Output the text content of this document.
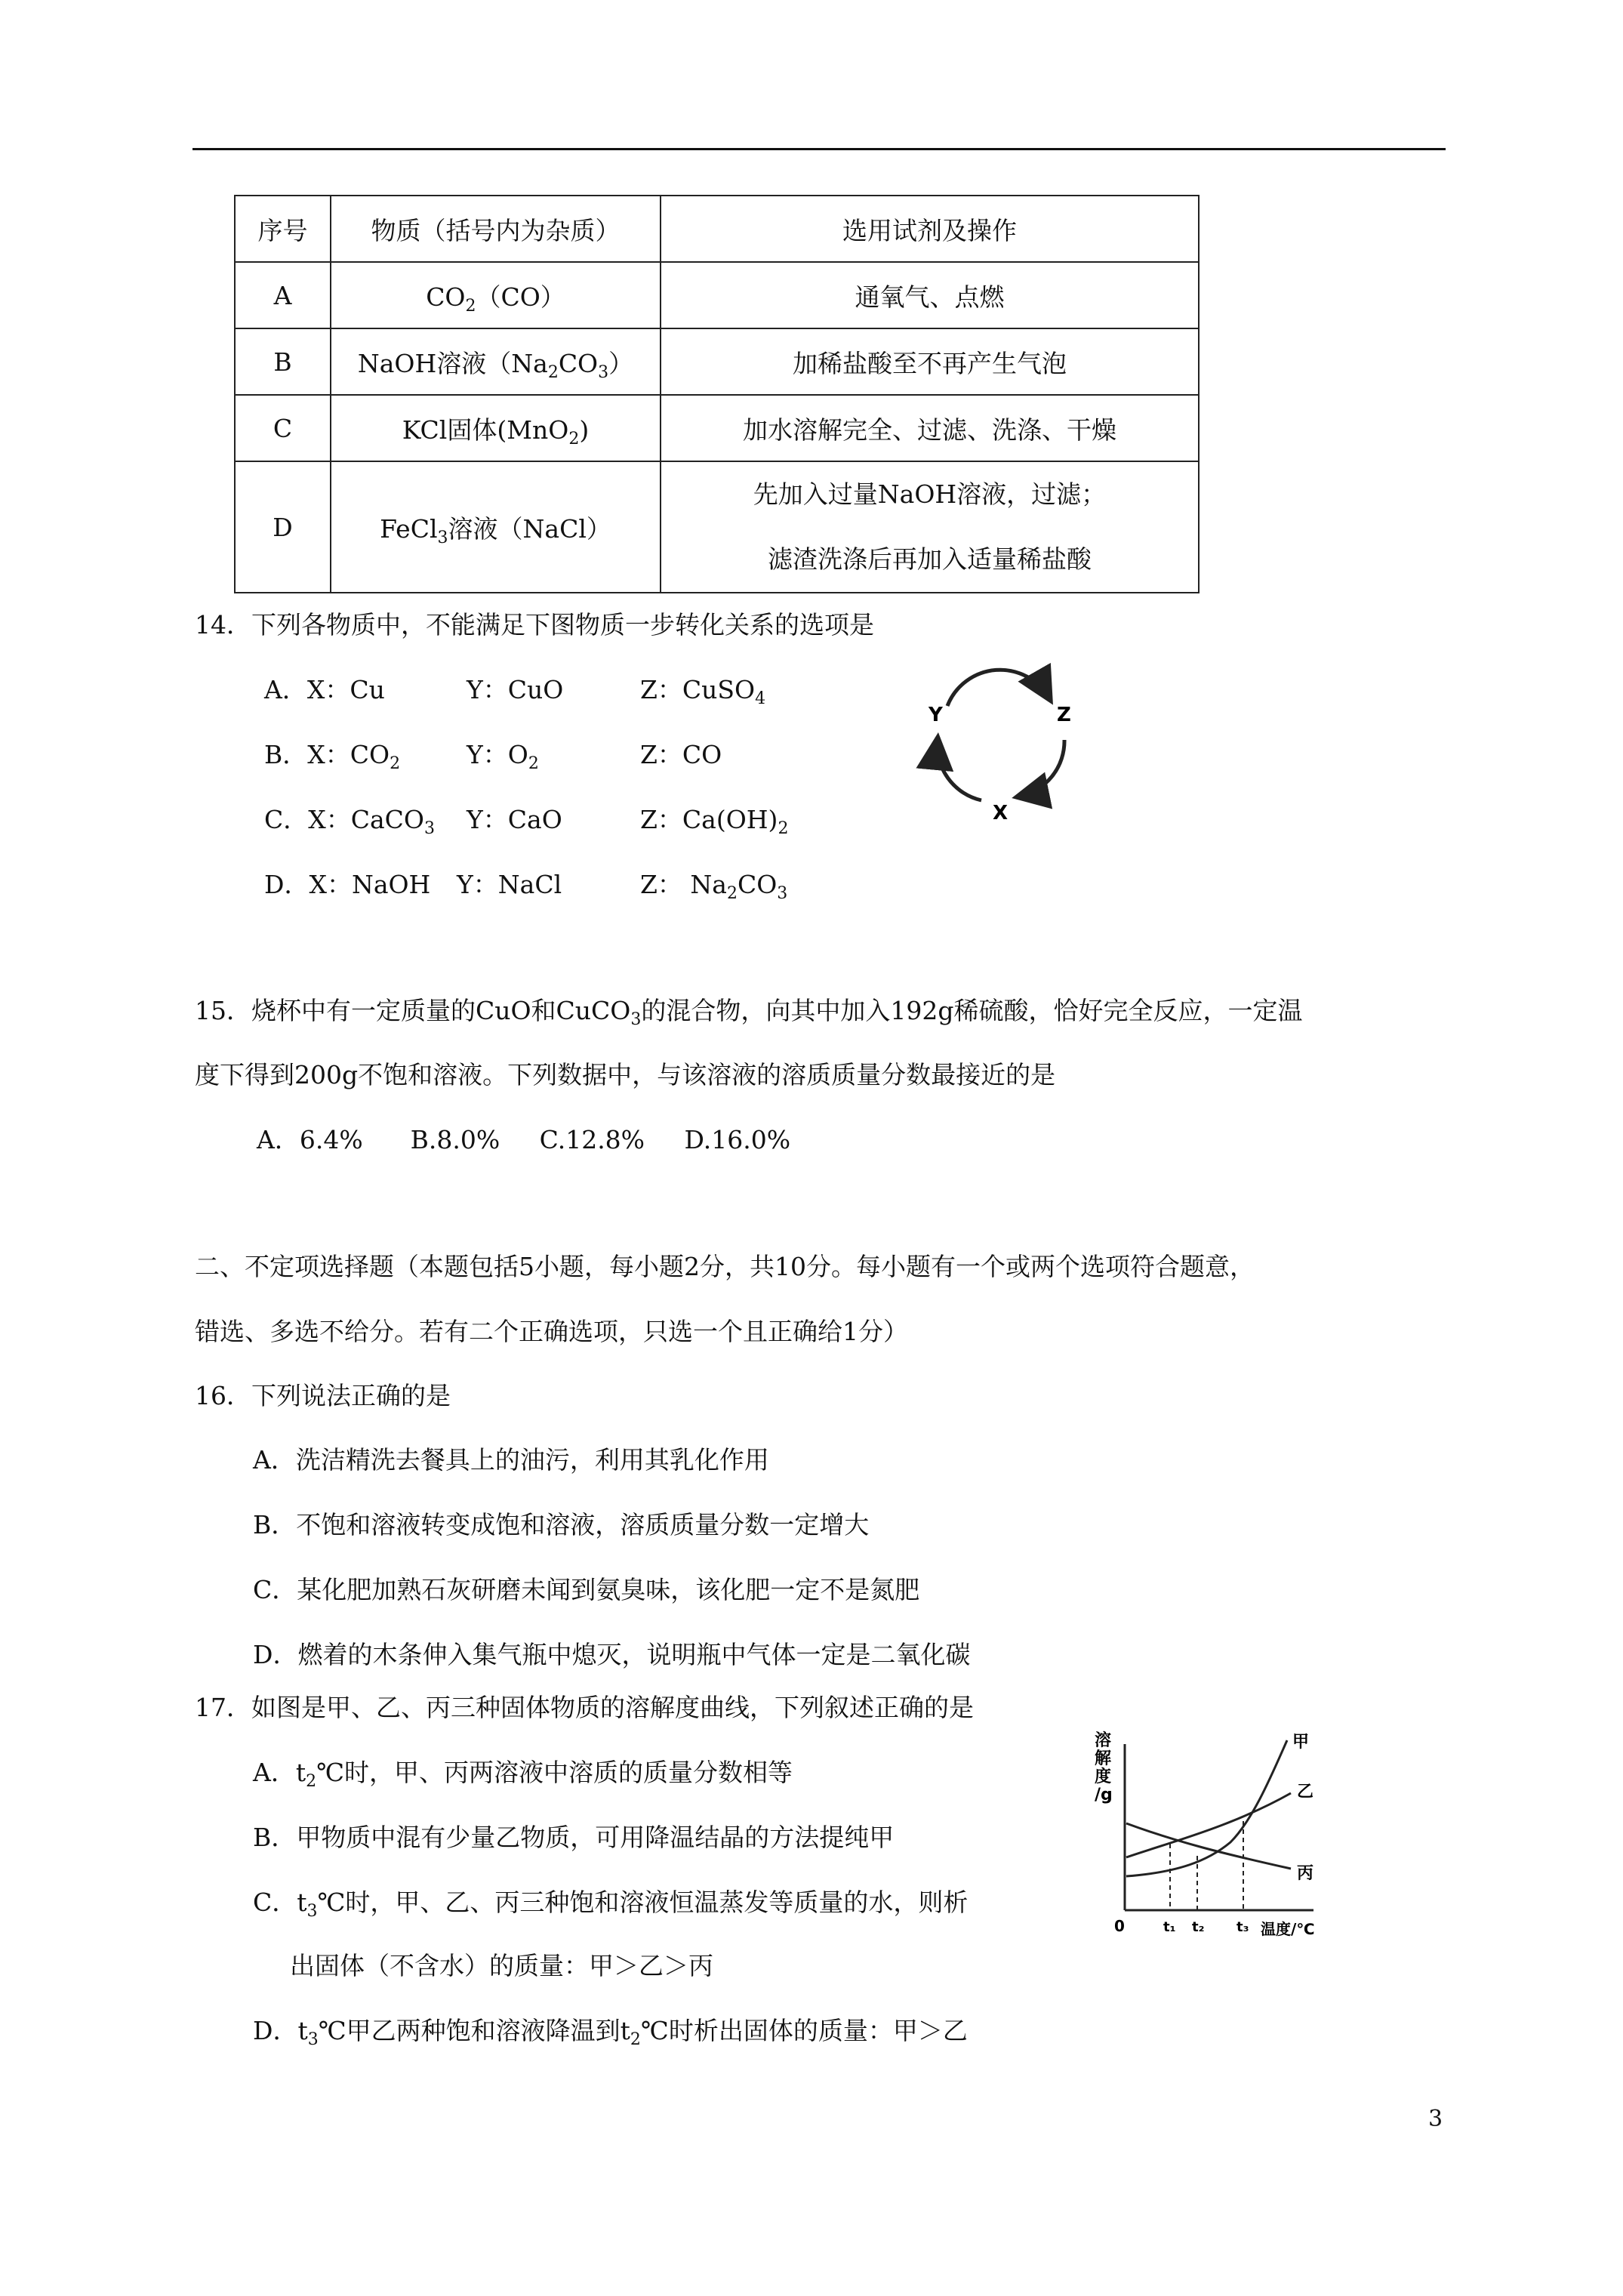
序号	物质（括号内为杂质）	选用试剂及操作
A	$CO_2(CO)$	通氧气、点燃
B	NaOH溶液$(Na_2CO_3)$	加稀盐酸至不再产生气泡
C	KCl固体(MnO$_2$)	加水溶解完全、过滤、洗涤、干燥
D	FeCl$_3$溶液（NaCl）	先加入过量NaOH溶液，过滤；
滤渣洗涤后再加入适量稀盐酸
14．下列各物质中，不能满足下图物质一步转化关系的选项是
A．X：Cu	Y：CuO	Z：CuSO$_4$
B．X：$CO_2$	Y：$O_2$	Z：CO
C．X：CaCO$_3$ Y：CaO	Z：$Ca(OH)_2$
D．X：NaOH Y：NaCl	Z： $Na_2CO_3$
Y	Z
X
15．烧杯中有一定质量的CuO和CuCO$_3$的混合物，向其中加入192g稀硫酸，恰好完全反应，一定温
度下得到200g不饱和溶液。下列数据中，与该溶液的溶质质量分数最接近的是
A．6.4%      B.8.0%     C.12.8%     D.16.0%
二、不定项选择题（本题包括5小题，每小题2分，共10分。每小题有一个或两个选项符合题意，
错选、多选不给分。若有二个正确选项，只选一个且正确给1分）
16．下列说法正确的是
A．洗洁精洗去餐具上的油污，利用其乳化作用
B．不饱和溶液转变成饱和溶液，溶质质量分数一定增大
C．某化肥加熟石灰研磨未闻到氨臭味，该化肥一定不是氮肥
D．燃着的木条伸入集气瓶中熄灭，说明瓶中气体一定是二氧化碳
17．如图是甲、乙、丙三种固体物质的溶解度曲线，下列叙述正确的是
A．$t_2℃$时，甲、丙两溶液中溶质的质量分数相等
B．甲物质中混有少量乙物质，可用降温结晶的方法提纯甲
C．$t_3℃$时，甲、乙、丙三种饱和溶液恒温蒸发等质量的水，则析
出固体（不含水）的质量：甲＞乙＞丙
D．$t_3℃$甲乙两种饱和溶液降温到$t_2℃$时析出固体的质量：甲＞乙
溶
解
度
/g
0	温度/℃
t₁ t₂ t₃
甲
乙
丙
3
